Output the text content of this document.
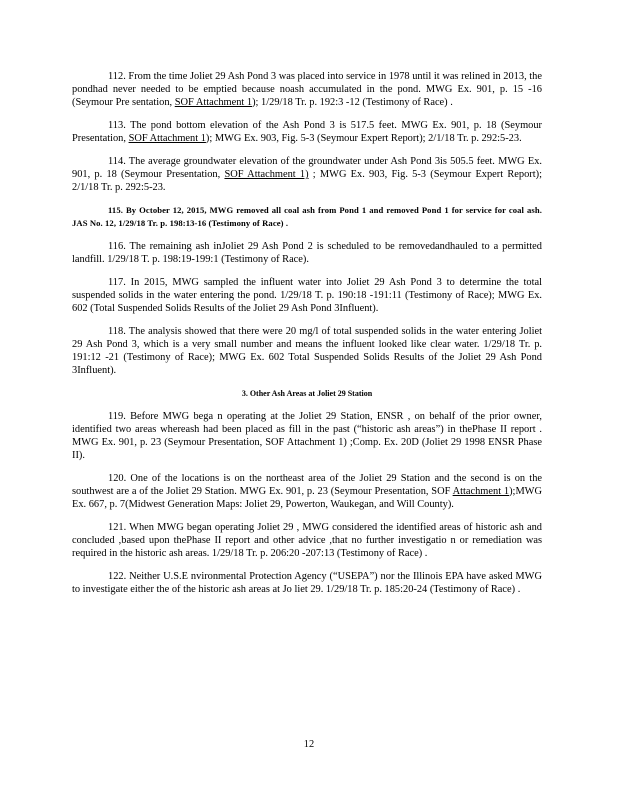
112. From the time Joliet 29 Ash Pond 3 was placed into service in 1978 until it was relined in 2013, the pondhad never needed to be emptied because noash accumulated in the pond. MWG Ex. 901, p. 15 -16 (Seymour Pre sentation, SOF Attachment 1); 1/29/18 Tr. p. 192:3 -12 (Testimony of Race) .

113. The pond bottom elevation of the Ash Pond 3 is 517.5 feet. MWG Ex. 901, p. 18 (Seymour Presentation, SOF Attachment 1); MWG Ex. 903, Fig. 5-3 (Seymour Expert Report); 2/1/18 Tr. p. 292:5-23.

114. The average groundwater elevation of the groundwater under Ash Pond 3is 505.5 feet. MWG Ex. 901, p. 18 (Seymour Presentation, SOF Attachment 1) ; MWG Ex. 903, Fig. 5-3 (Seymour Expert Report); 2/1/18 Tr. p. 292:5-23.

115. By October 12, 2015, MWG removed all coal ash from Pond 1 and removed Pond 1 for service for coal ash. JAS No. 12, 1/29/18 Tr. p. 198:13-16 (Testimony of Race) .

116. The remaining ash inJoliet 29 Ash Pond 2 is scheduled to be removedandhauled to a permitted landfill. 1/29/18 T. p. 198:19-199:1 (Testimony of Race).

117. In 2015, MWG sampled the influent water into Joliet 29 Ash Pond 3 to determine the total suspended solids in the water entering the pond. 1/29/18 T. p. 190:18 -191:11 (Testimony of Race); MWG Ex. 602 (Total Suspended Solids Results of the Joliet 29 Ash Pond 3Influent).

118. The analysis showed that there were 20 mg/l of total suspended solids in the water entering Joliet 29 Ash Pond 3, which is a very small number and means the influent looked like clear water. 1/29/18 Tr. p. 191:12 -21 (Testimony of Race); MWG Ex. 602 Total Suspended Solids Results of the Joliet 29 Ash Pond 3Influent).

3. Other Ash Areas at Joliet 29 Station

119. Before MWG bega n operating at the Joliet 29 Station, ENSR , on behalf of the prior owner, identified two areas whereash had been placed as fill in the past (“historic ash areas”) in thePhase II report . MWG Ex. 901, p. 23 (Seymour Presentation, SOF Attachment 1) ;Comp. Ex. 20D (Joliet 29 1998 ENSR Phase II).

120. One of the locations is on the northeast area of the Joliet 29 Station and the second is on the southwest are a of the Joliet 29 Station. MWG Ex. 901, p. 23 (Seymour Presentation, SOF Attachment 1);MWG Ex. 667, p. 7(Midwest Generation Maps: Joliet 29, Powerton, Waukegan, and Will County).

121. When MWG began operating Joliet 29 , MWG considered the identified areas of historic ash and concluded ,based upon thePhase II report and other advice ,that no further investigatio n or remediation was required in the historic ash areas. 1/29/18 Tr. p. 206:20 -207:13 (Testimony of Race) .

122. Neither U.S.E nvironmental Protection Agency (“USEPA”) nor the Illinois EPA have asked MWG to investigate either the of the historic ash areas at Jo liet 29. 1/29/18 Tr. p. 185:20-24 (Testimony of Race) .

12
